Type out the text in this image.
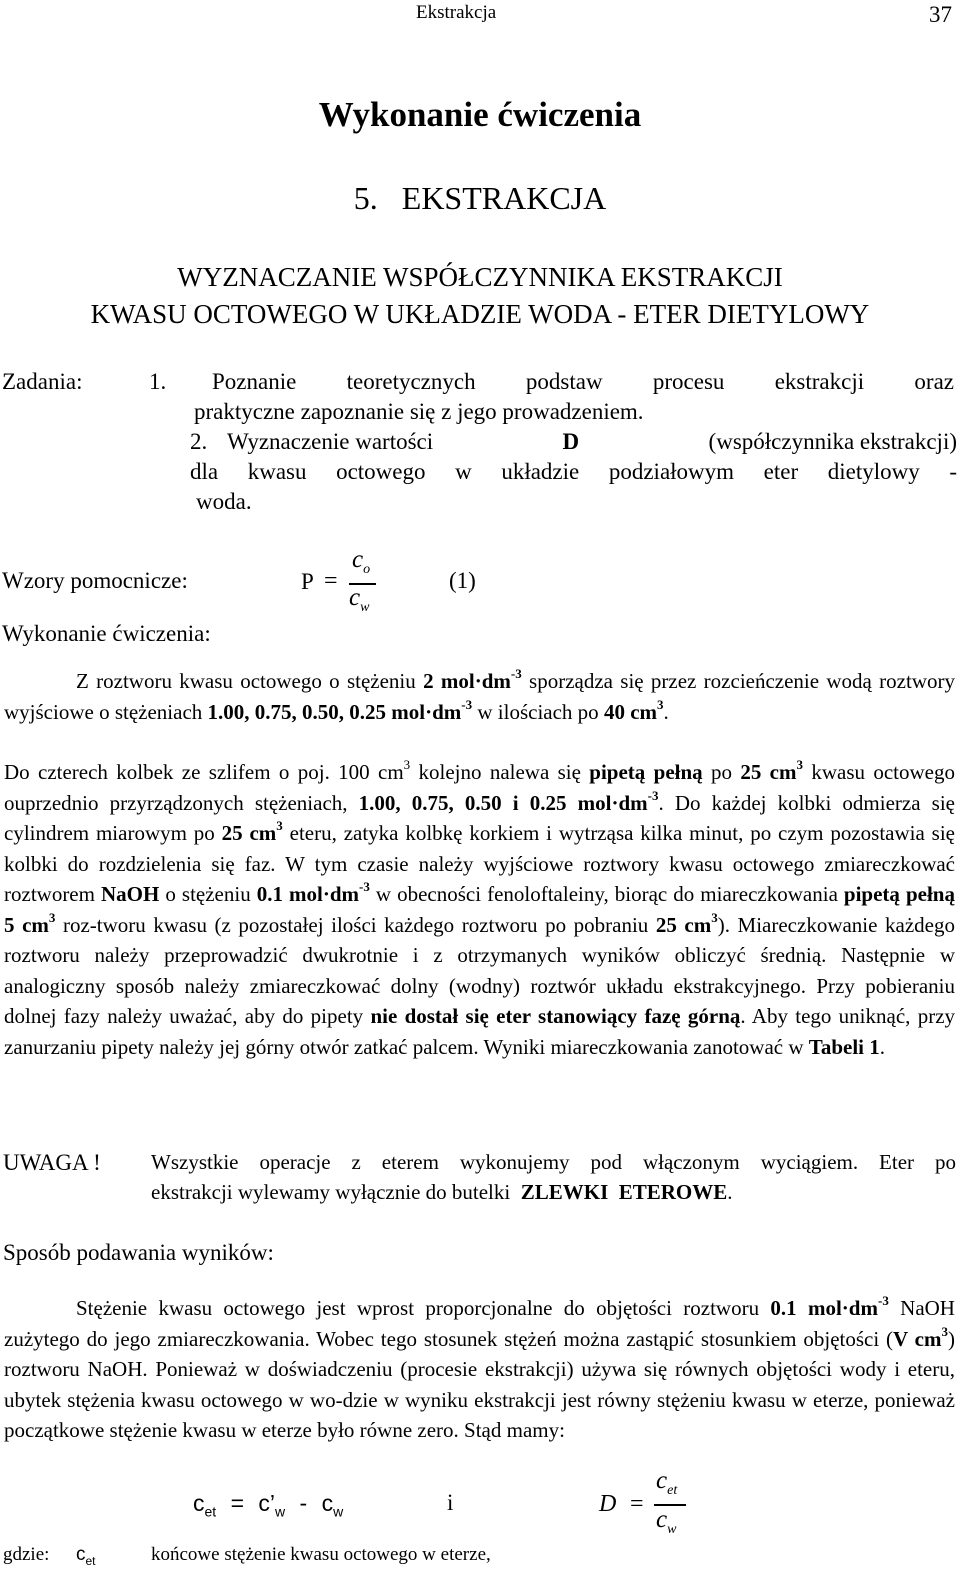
Ekstrakcja	37
Wykonanie ćwiczenia
5.   EKSTRAKCJA
WYZNACZANIE WSPÓŁCZYNNIKA EKSTRAKCJI
KWASU OCTOWEGO W UKŁADZIE WODA - ETER DIETYLOWY
Zadania:	1. Poznanie teoretycznych podstaw procesu ekstrakcji oraz
praktyczne zapoznanie się z jego prowadzeniem.
2. Wyznaczenie wartości	D	(współczynnika ekstrakcji)
dla kwasu octowego w układzie podziałowym eter dietylowy -
woda.
Wzory pomocnicze:	P =
$c_o$
$c_w$
(1)
Wykonanie ćwiczenia:
Z roztworu kwasu octowego o stężeniu 2 $mol\cdot dm^{-3}$ sporządza się przez rozcieńczenie wodą roztwory wyjściowe o stężeniach 1.00, 0.75, 0.50, 0.25 $mol\cdot dm^{-3}$ w ilościach po 40 $cm^3$.
Do czterech kolbek ze szlifem o poj. 100 $cm^3$ kolejno nalewa się pipetą pełną po 25 $cm^3$ kwasu octowego ouprzednio przyrządzonych stężeniach, 1.00, 0.75, 0.50 i 0.25 $mol\cdot dm^{-3}$. Do każdej kolbki odmierza się cylindrem miarowym po 25 $cm^3$ eteru, zatyka kolbkę korkiem i wytrząsa kilka minut, po czym pozostawia się kolbki do rozdzielenia się faz. W tym czasie należy wyjściowe roztwory kwasu octowego zmiareczkować roztworem NaOH o stężeniu 0.1 $mol\cdot dm^{-3}$ w obecności fenoloftaleiny, biorąc do miareczkowania pipetą pełną 5 $cm^3$ roz-tworu kwasu (z pozostałej ilości każdego roztworu po pobraniu 25 $cm^3$). Miareczkowanie każdego roztworu należy przeprowadzić dwukrotnie i z otrzymanych wyników obliczyć średnią. Następnie w analogiczny sposób należy zmiareczkować dolny (wodny) roztwór układu ekstrakcyjnego. Przy pobieraniu dolnej fazy należy uważać, aby do pipety nie dostał się eter stanowiący fazę górną. Aby tego uniknąć, przy zanurzaniu pipety należy jej górny otwór zatkać palcem. Wyniki miareczkowania zanotować w Tabeli 1.
UWAGA ! Wszystkie operacje z eterem wykonujemy pod włączonym wyciągiem. Eter po
ekstrakcji wylewamy wyłącznie do butelki  ZLEWKI  ETEROWE.
Sposób podawania wyników:
Stężenie kwasu octowego jest wprost proporcjonalne do objętości roztworu 0.1 $mol\cdot dm^{-3}$ NaOH zużytego do jego zmiareczkowania. Wobec tego stosunek stężeń można zastąpić stosunkiem objętości (V $cm^3$) roztworu NaOH. Ponieważ w doświadczeniu (procesie ekstrakcji) używa się równych objętości wody i eteru, ubytek stężenia kwasu octowego w wo-dzie w wyniku ekstrakcji jest równy stężeniu kwasu w eterze, ponieważ początkowe stężenie kwasu w eterze było równe zero. Stąd mamy:
$c_{et}$ = $c’_w - c_w$	i	D =
$c_{et}$
$c_w$
gdzie: $c_{et}$	końcowe stężenie kwasu octowego w eterze,
